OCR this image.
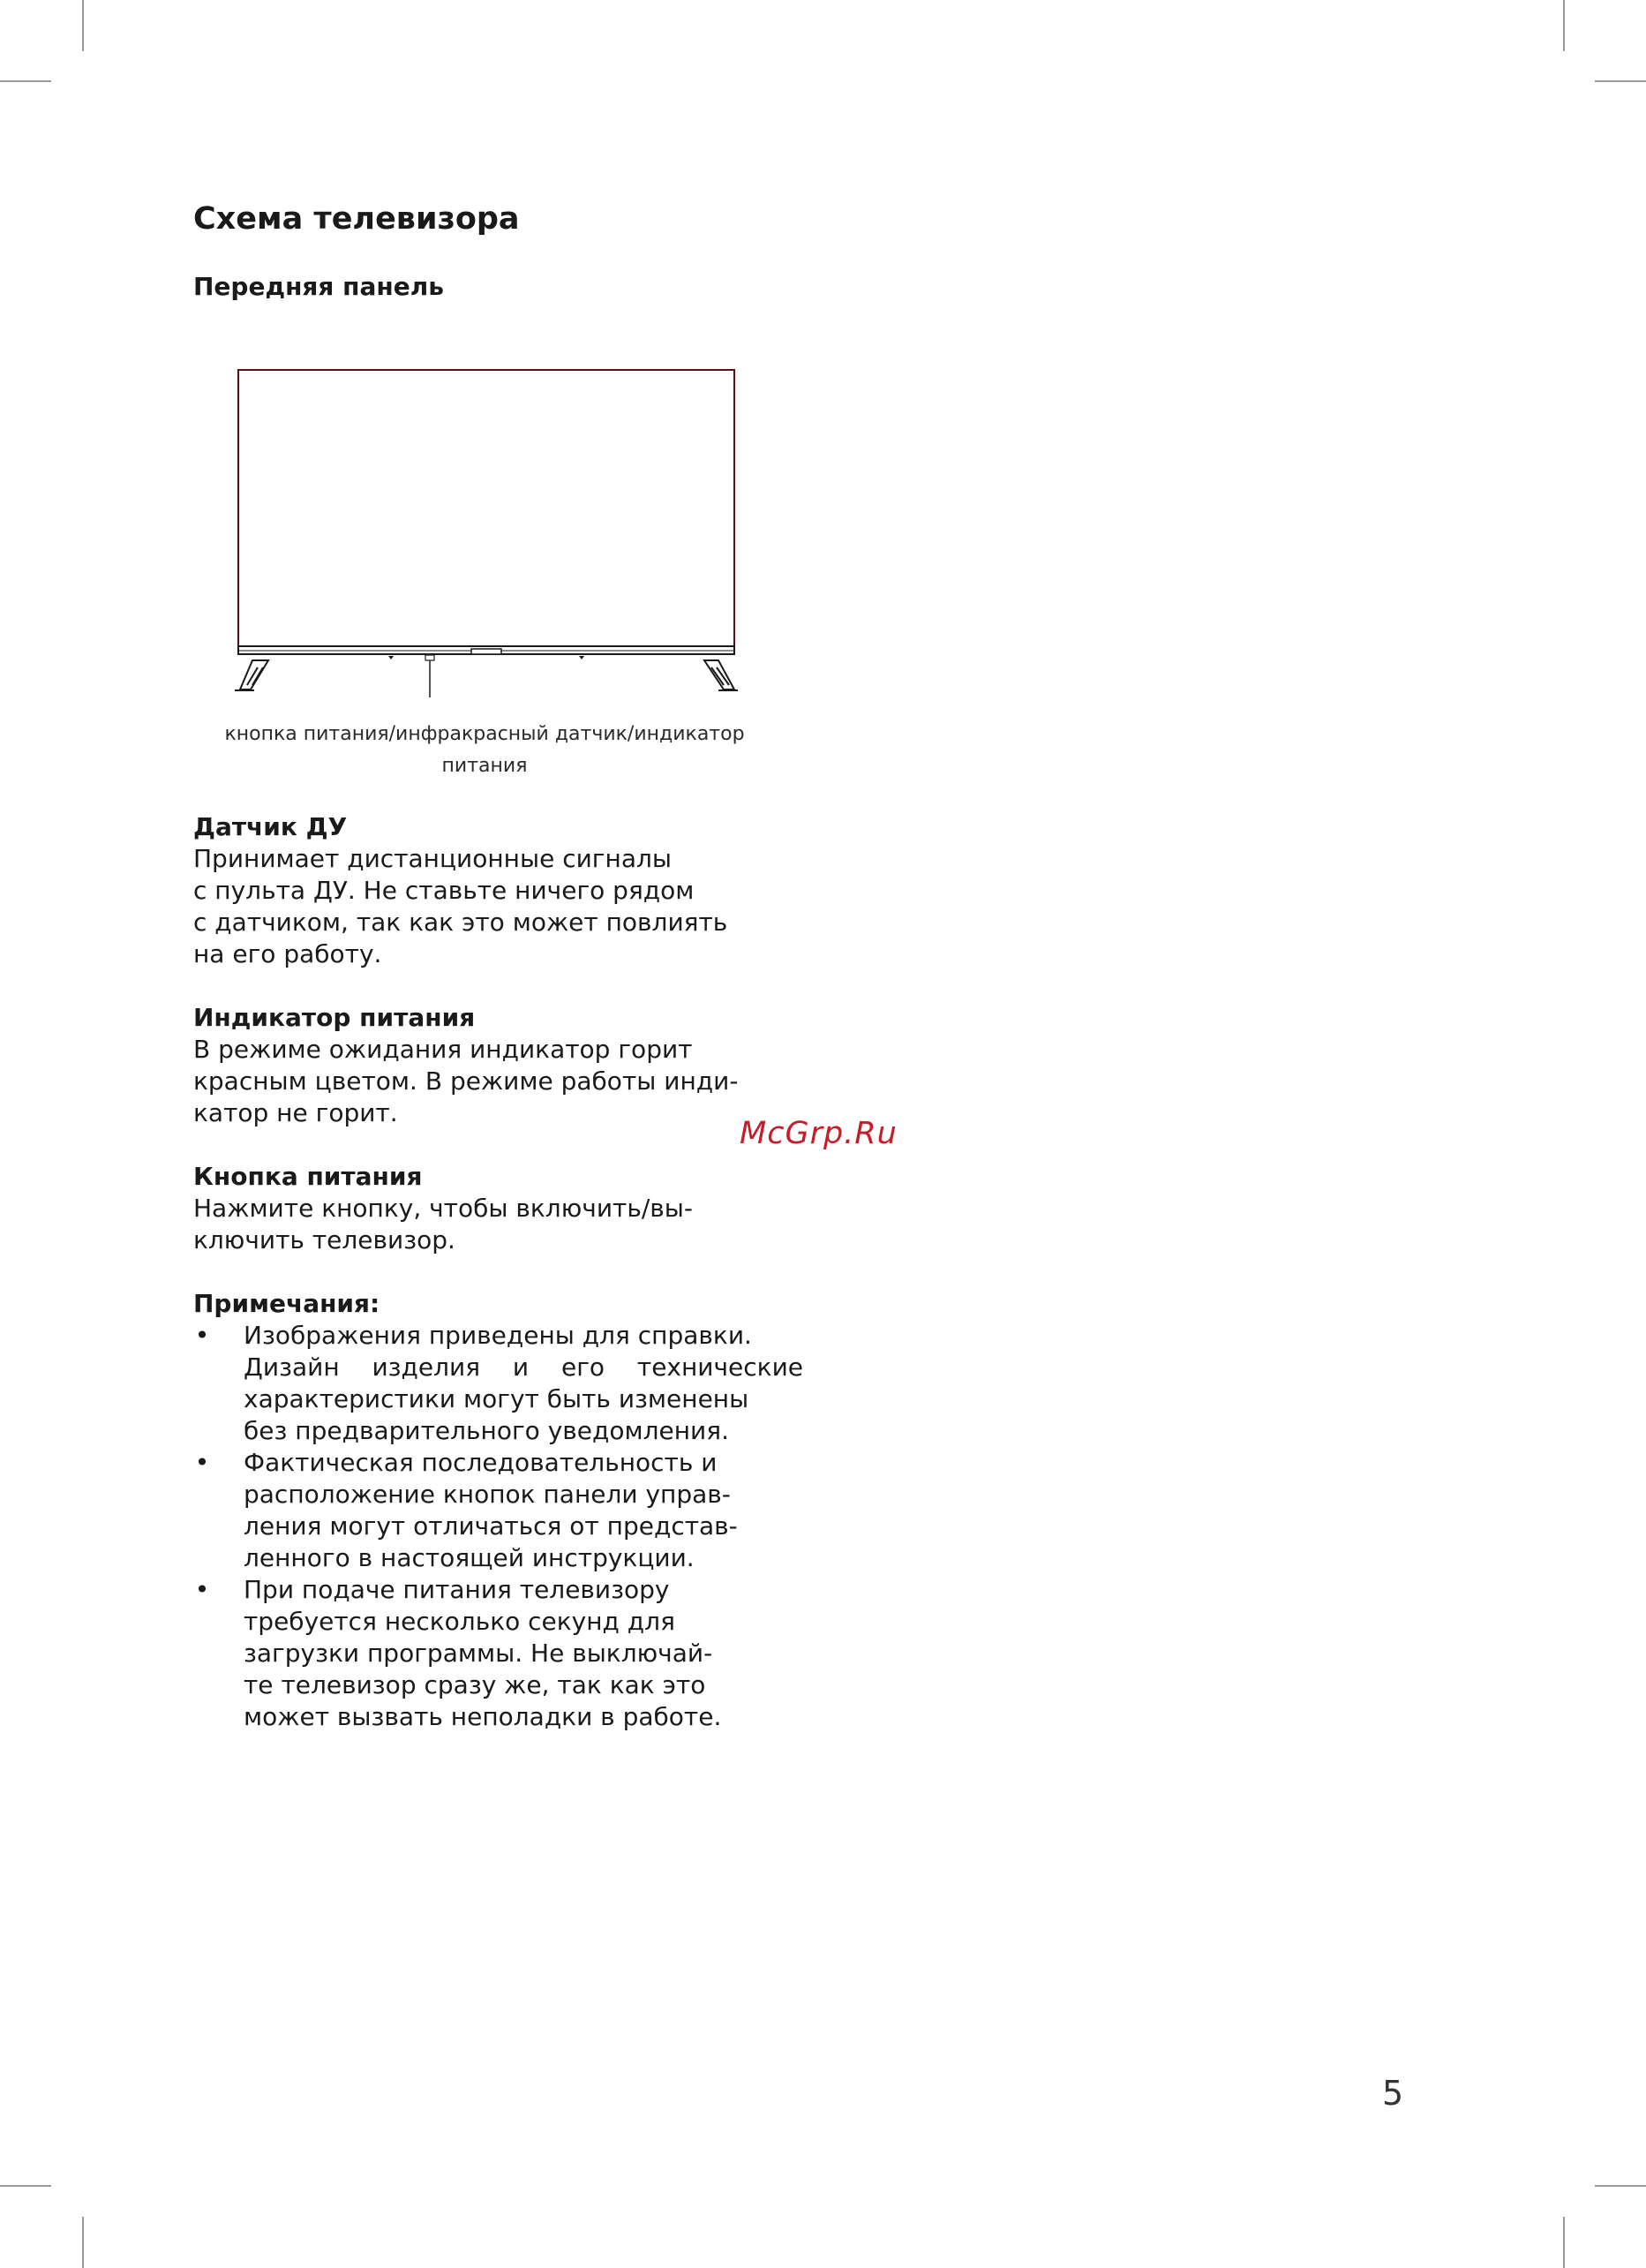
Схема телевизора
Передняя панель
кнопка питания/инфракрасный датчик/индикатор
питания

Датчик ДУ

Принимает дистанционные сигналы
с пульта ДУ. Не ставьте ничего рядом
с датчиком, так как это может повлиять
на его работу.

Индикатор питания

В режиме ожидания индикатор горит
красным цветом. В режиме работы инди-
катор не горит.

Кнопка питания

Нажмите кнопку, чтобы включить/вы-
ключить телевизор.

Примечания:

• Изображения приведены для справки.
Дизайн изделия и его технические
характеристики могут быть изменены
без предварительного уведомления.
• Фактическая последовательность и
расположение кнопок панели управ-
ления могут отличаться от представ-
ленного в настоящей инструкции.
• При подаче питания телевизору
требуется несколько секунд для
загрузки программы. Не выключай-
те телевизор сразу же, так как это
может вызвать неполадки в работе.
McGrp.Ru
5
